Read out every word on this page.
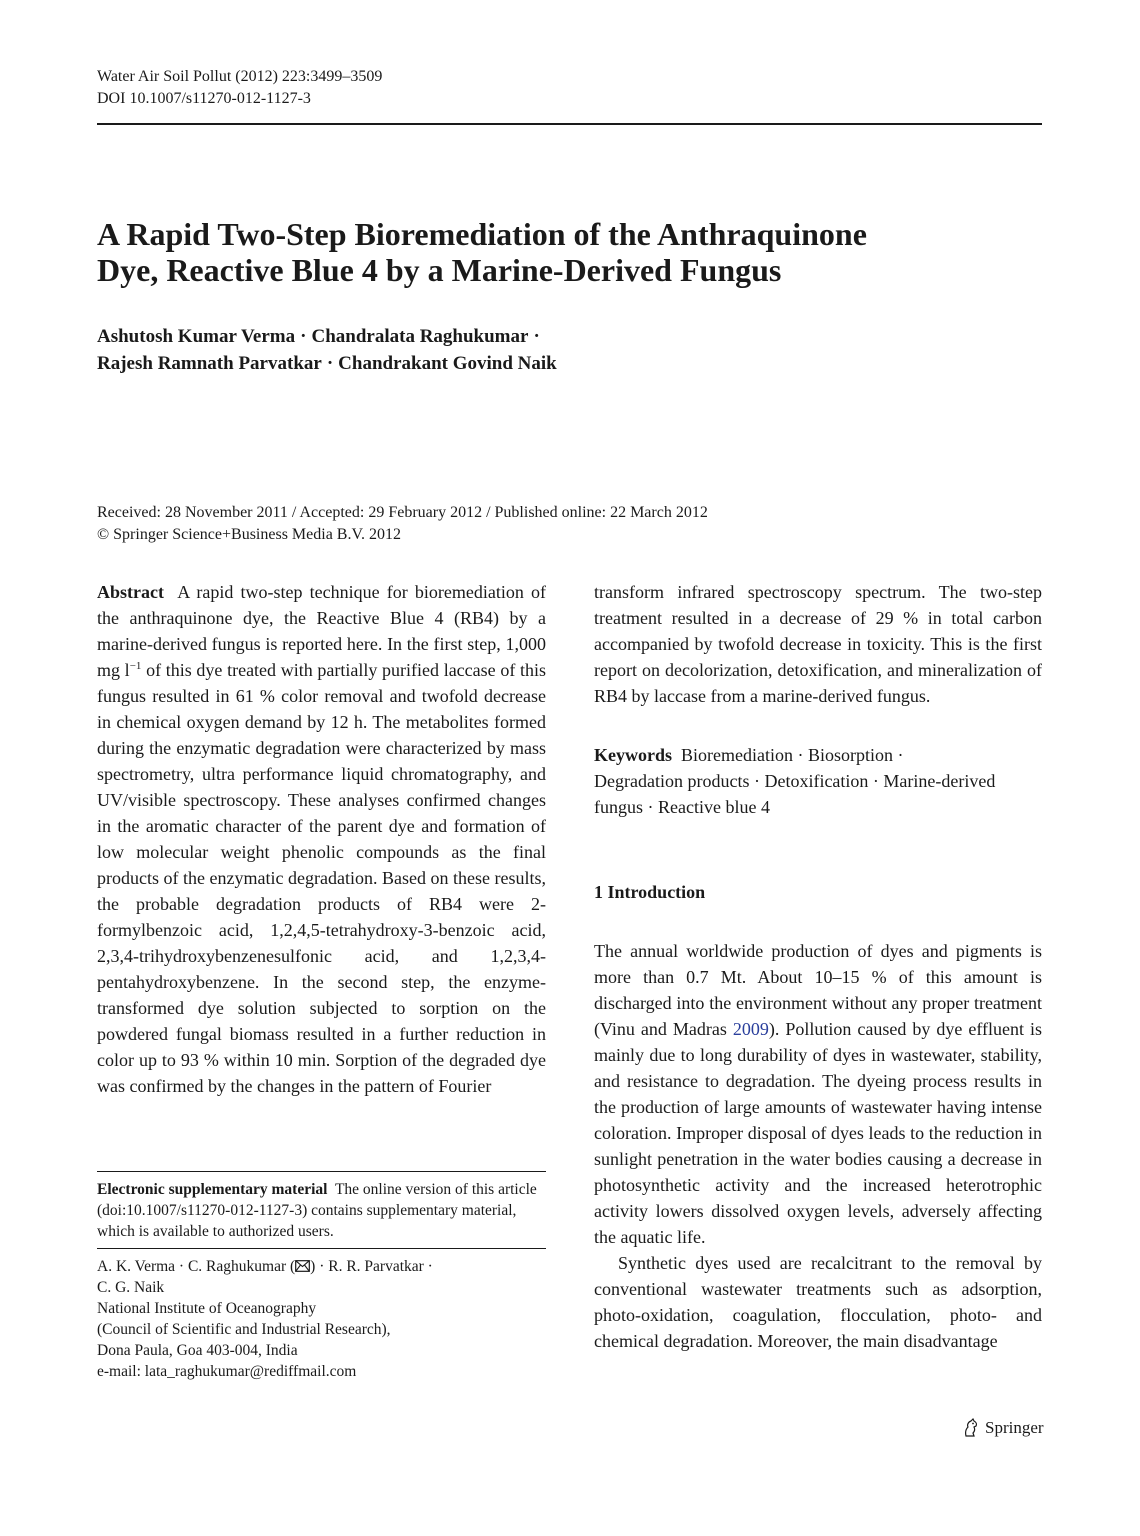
Water Air Soil Pollut (2012) 223:3499–3509
DOI 10.1007/s11270-012-1127-3
A Rapid Two-Step Bioremediation of the Anthraquinone
Dye, Reactive Blue 4 by a Marine-Derived Fungus
Ashutosh Kumar Verma · Chandralata Raghukumar ·
Rajesh Ramnath Parvatkar · Chandrakant Govind Naik
Received: 28 November 2011 / Accepted: 29 February 2012 / Published online: 22 March 2012
© Springer Science+Business Media B.V. 2012

Abstract A rapid two-step technique for bioremediation of the anthraquinone dye, the Reactive Blue 4 (RB4) by a marine-derived fungus is reported here. In the first step, 1,000 mg $l^{-1}$ of this dye treated with partially purified laccase of this fungus resulted in 61 % color removal and twofold decrease in chemical oxygen demand by 12 h. The metabolites formed during the enzymatic degradation were characterized by mass spectrometry, ultra performance liquid chromatography, and UV/visible spectroscopy. These analyses confirmed changes in the aromatic character of the parent dye and formation of low molecular weight phenolic compounds as the final products of the enzymatic degradation. Based on these results, the probable degradation products of RB4 were 2-formylbenzoic acid, 1,2,4,5-tetrahydroxy-3-benzoic acid, 2,3,4-trihydroxybenzenesulfonic acid, and 1,2,3,4-pentahydroxybenzene. In the second step, the enzyme-transformed dye solution subjected to sorption on the powdered fungal biomass resulted in a further reduction in color up to 93 % within 10 min. Sorption of the degraded dye was confirmed by the changes in the pattern of Fourier

Electronic supplementary material The online version of this article (doi:10.1007/s11270-012-1127-3) contains supplementary material, which is available to authorized users.
A. K. Verma · C. Raghukumar ( ) · R. R. Parvatkar ·
C. G. Naik
National Institute of Oceanography
(Council of Scientific and Industrial Research),
Dona Paula, Goa 403-004, India
e-mail: lata_raghukumar@rediffmail.com

transform infrared spectroscopy spectrum. The two-step treatment resulted in a decrease of 29 % in total carbon accompanied by twofold decrease in toxicity. This is the first report on decolorization, detoxification, and mineralization of RB4 by laccase from a marine-derived fungus.

Keywords Bioremediation · Biosorption ·
Degradation products · Detoxification · Marine-derived fungus · Reactive blue 4

1 Introduction

The annual worldwide production of dyes and pigments is more than 0.7 Mt. About 10–15 % of this amount is discharged into the environment without any proper treatment (Vinu and Madras 2009). Pollution caused by dye effluent is mainly due to long durability of dyes in wastewater, stability, and resistance to degradation. The dyeing process results in the production of large amounts of wastewater having intense coloration. Improper disposal of dyes leads to the reduction in sunlight penetration in the water bodies causing a decrease in photosynthetic activity and the increased heterotrophic activity lowers dissolved oxygen levels, adversely affecting the aquatic life.

Synthetic dyes used are recalcitrant to the removal by conventional wastewater treatments such as adsorption, photo-oxidation, coagulation, flocculation, photo- and chemical degradation. Moreover, the main disadvantage

Springer
